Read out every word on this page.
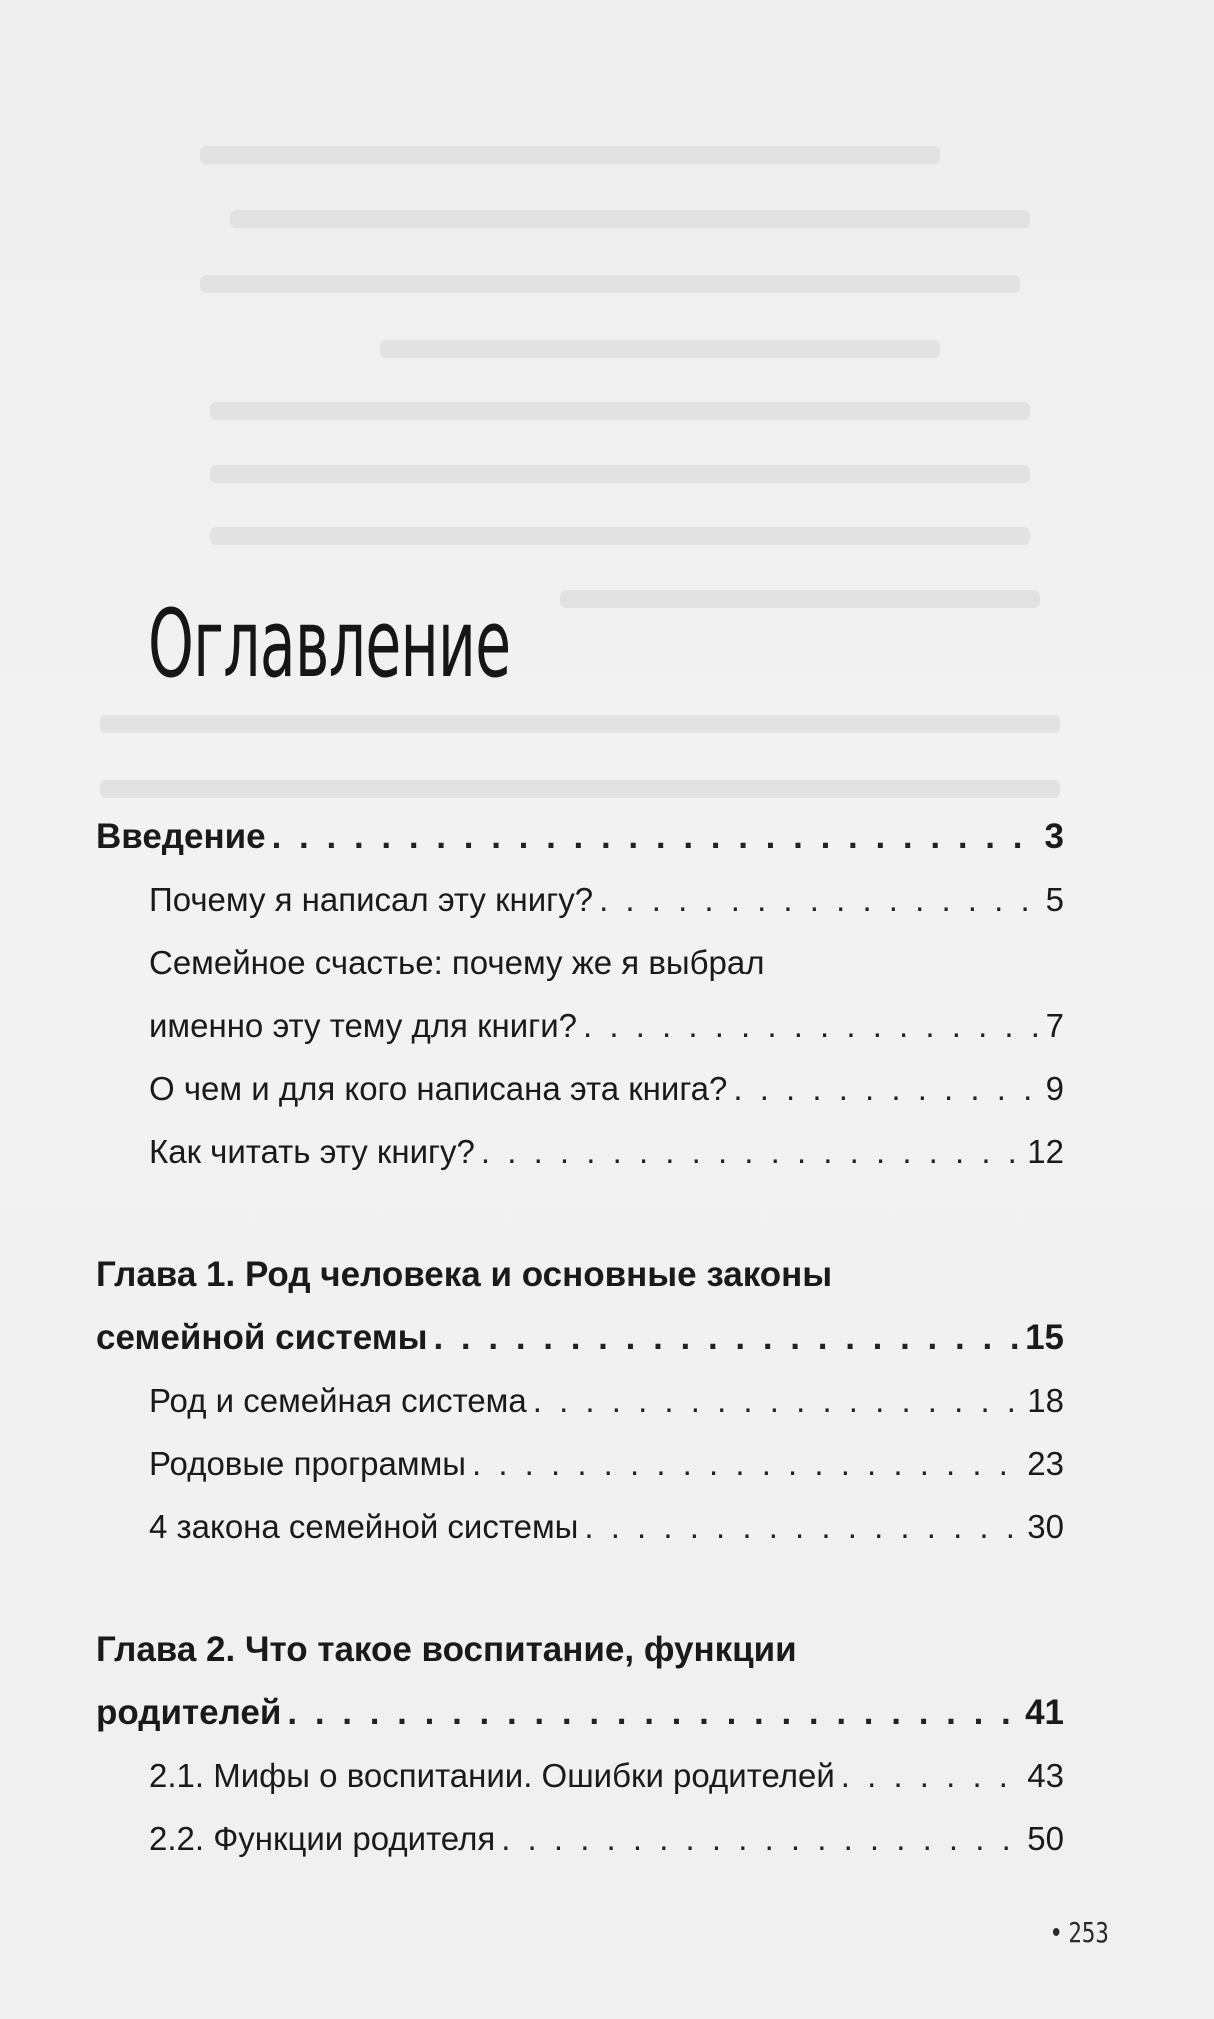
Оглавление
Введение . . .	3
Почему я написал эту книгу? . . .	5
Семейное счастье: почему же я выбрал
именно эту тему для книги? . . .	7
О чем и для кого написана эта книга? . . .	9
Как читать эту книгу? . . .	12
Глава 1. Род человека и основные законы
семейной системы . . .	15
Род и семейная система . . .	18
Родовые программы . . .	23
4 закона семейной системы . . .	30
Глава 2. Что такое воспитание, функции
родителей . . .	41
2.1. Мифы о воспитании. Ошибки родителей . . .	43
2.2. Функции родителя . . .	50
• 253
